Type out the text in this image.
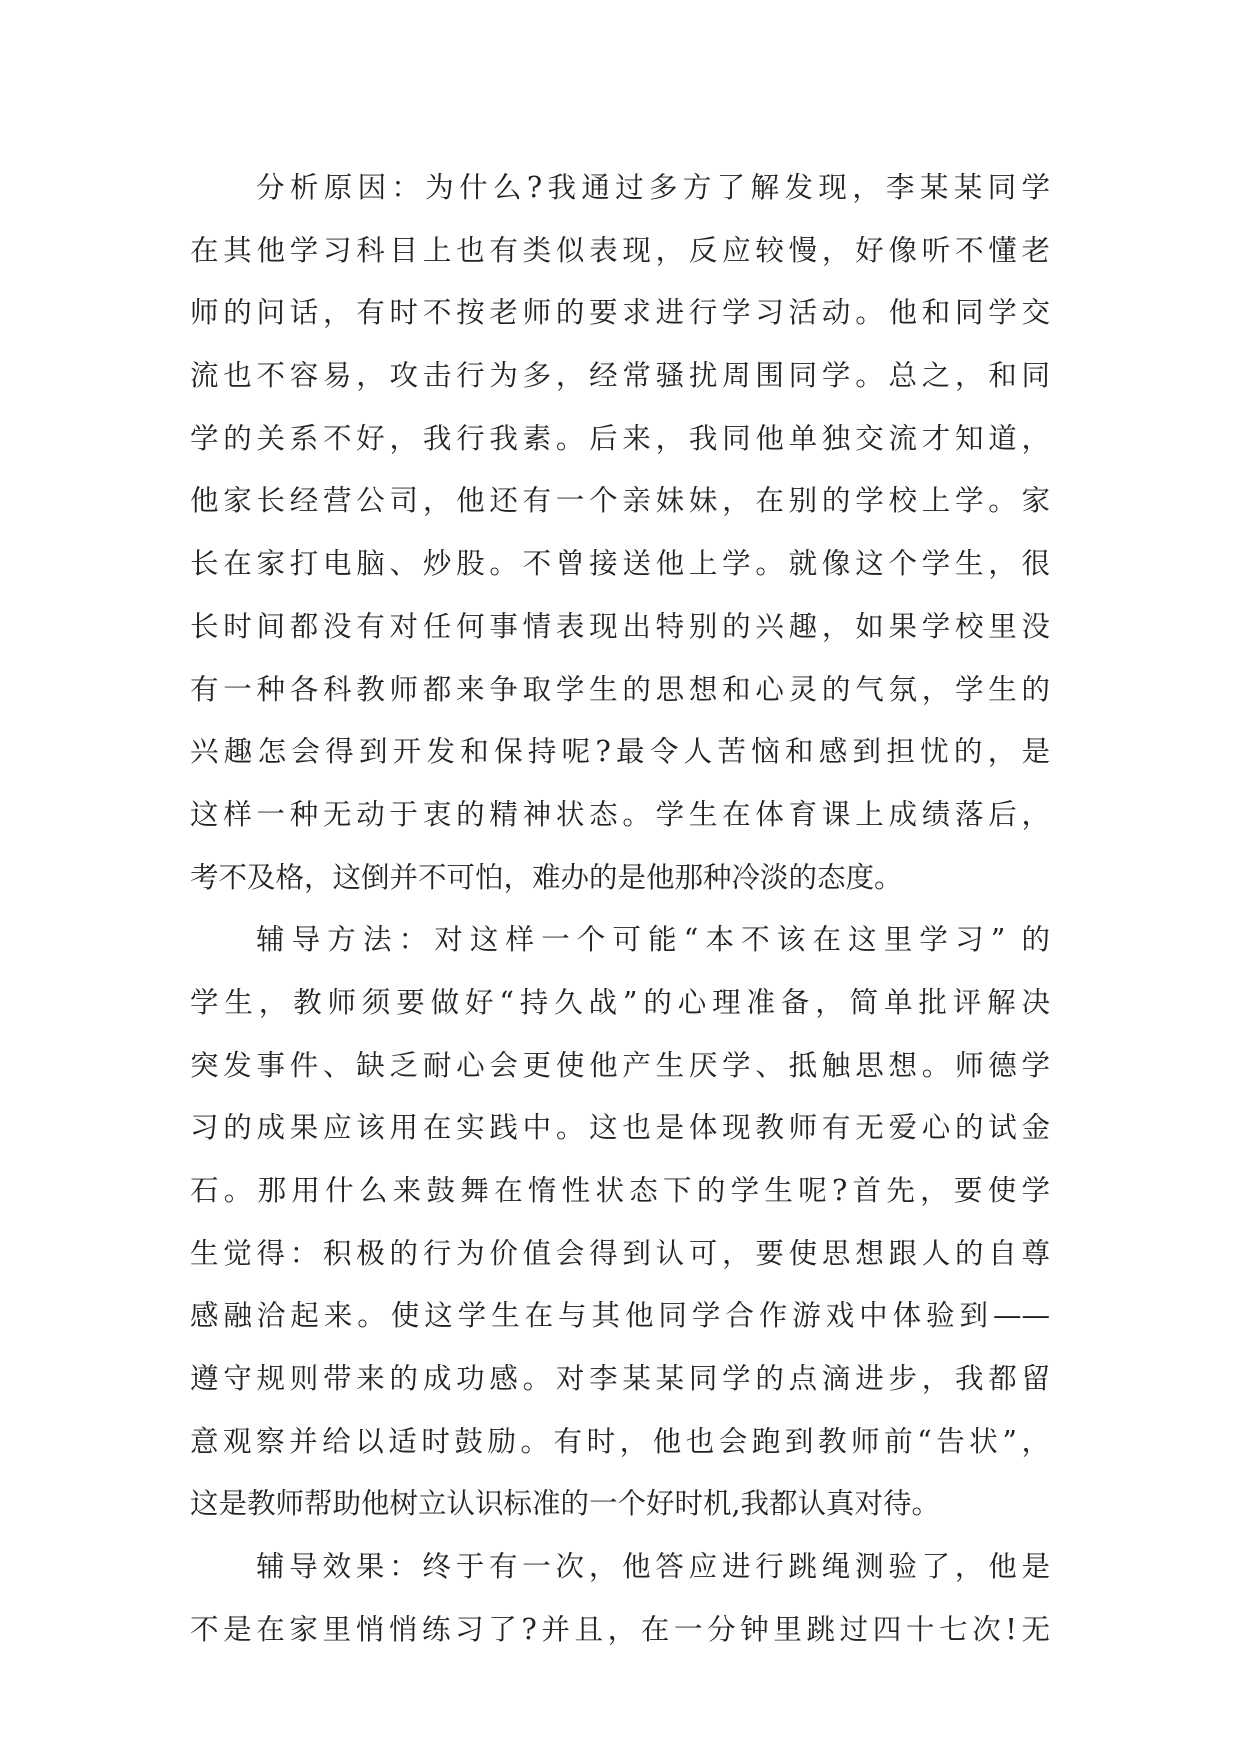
分析原因：为什么?我通过多方了解发现，李某某同学
在其他学习科目上也有类似表现，反应较慢，好像听不懂老
师的问话，有时不按老师的要求进行学习活动。他和同学交
流也不容易，攻击行为多，经常骚扰周围同学。总之，和同
学的关系不好，我行我素。后来，我同他单独交流才知道，
他家长经营公司，他还有一个亲妹妹，在别的学校上学。家
长在家打电脑、炒股。不曾接送他上学。就像这个学生，很
长时间都没有对任何事情表现出特别的兴趣，如果学校里没
有一种各科教师都来争取学生的思想和心灵的气氛，学生的
兴趣怎会得到开发和保持呢?最令人苦恼和感到担忧的，是
这样一种无动于衷的精神状态。学生在体育课上成绩落后，
考不及格，这倒并不可怕，难办的是他那种冷淡的态度。
辅导方法：对这样一个可能“本不该在这里学习” 的
学生，教师须要做好“持久战”的心理准备，简单批评解决
突发事件、缺乏耐心会更使他产生厌学、抵触思想。师德学
习的成果应该用在实践中。这也是体现教师有无爱心的试金
石。那用什么来鼓舞在惰性状态下的学生呢?首先，要使学
生觉得：积极的行为价值会得到认可，要使思想跟人的自尊
感融洽起来。使这学生在与其他同学合作游戏中体验到——
遵守规则带来的成功感。对李某某同学的点滴进步，我都留
意观察并给以适时鼓励。有时，他也会跑到教师前“告状”，
这是教师帮助他树立认识标准的一个好时机,我都认真对待。
辅导效果：终于有一次，他答应进行跳绳测验了，他是
不是在家里悄悄练习了?并且，在一分钟里跳过四十七次!无
